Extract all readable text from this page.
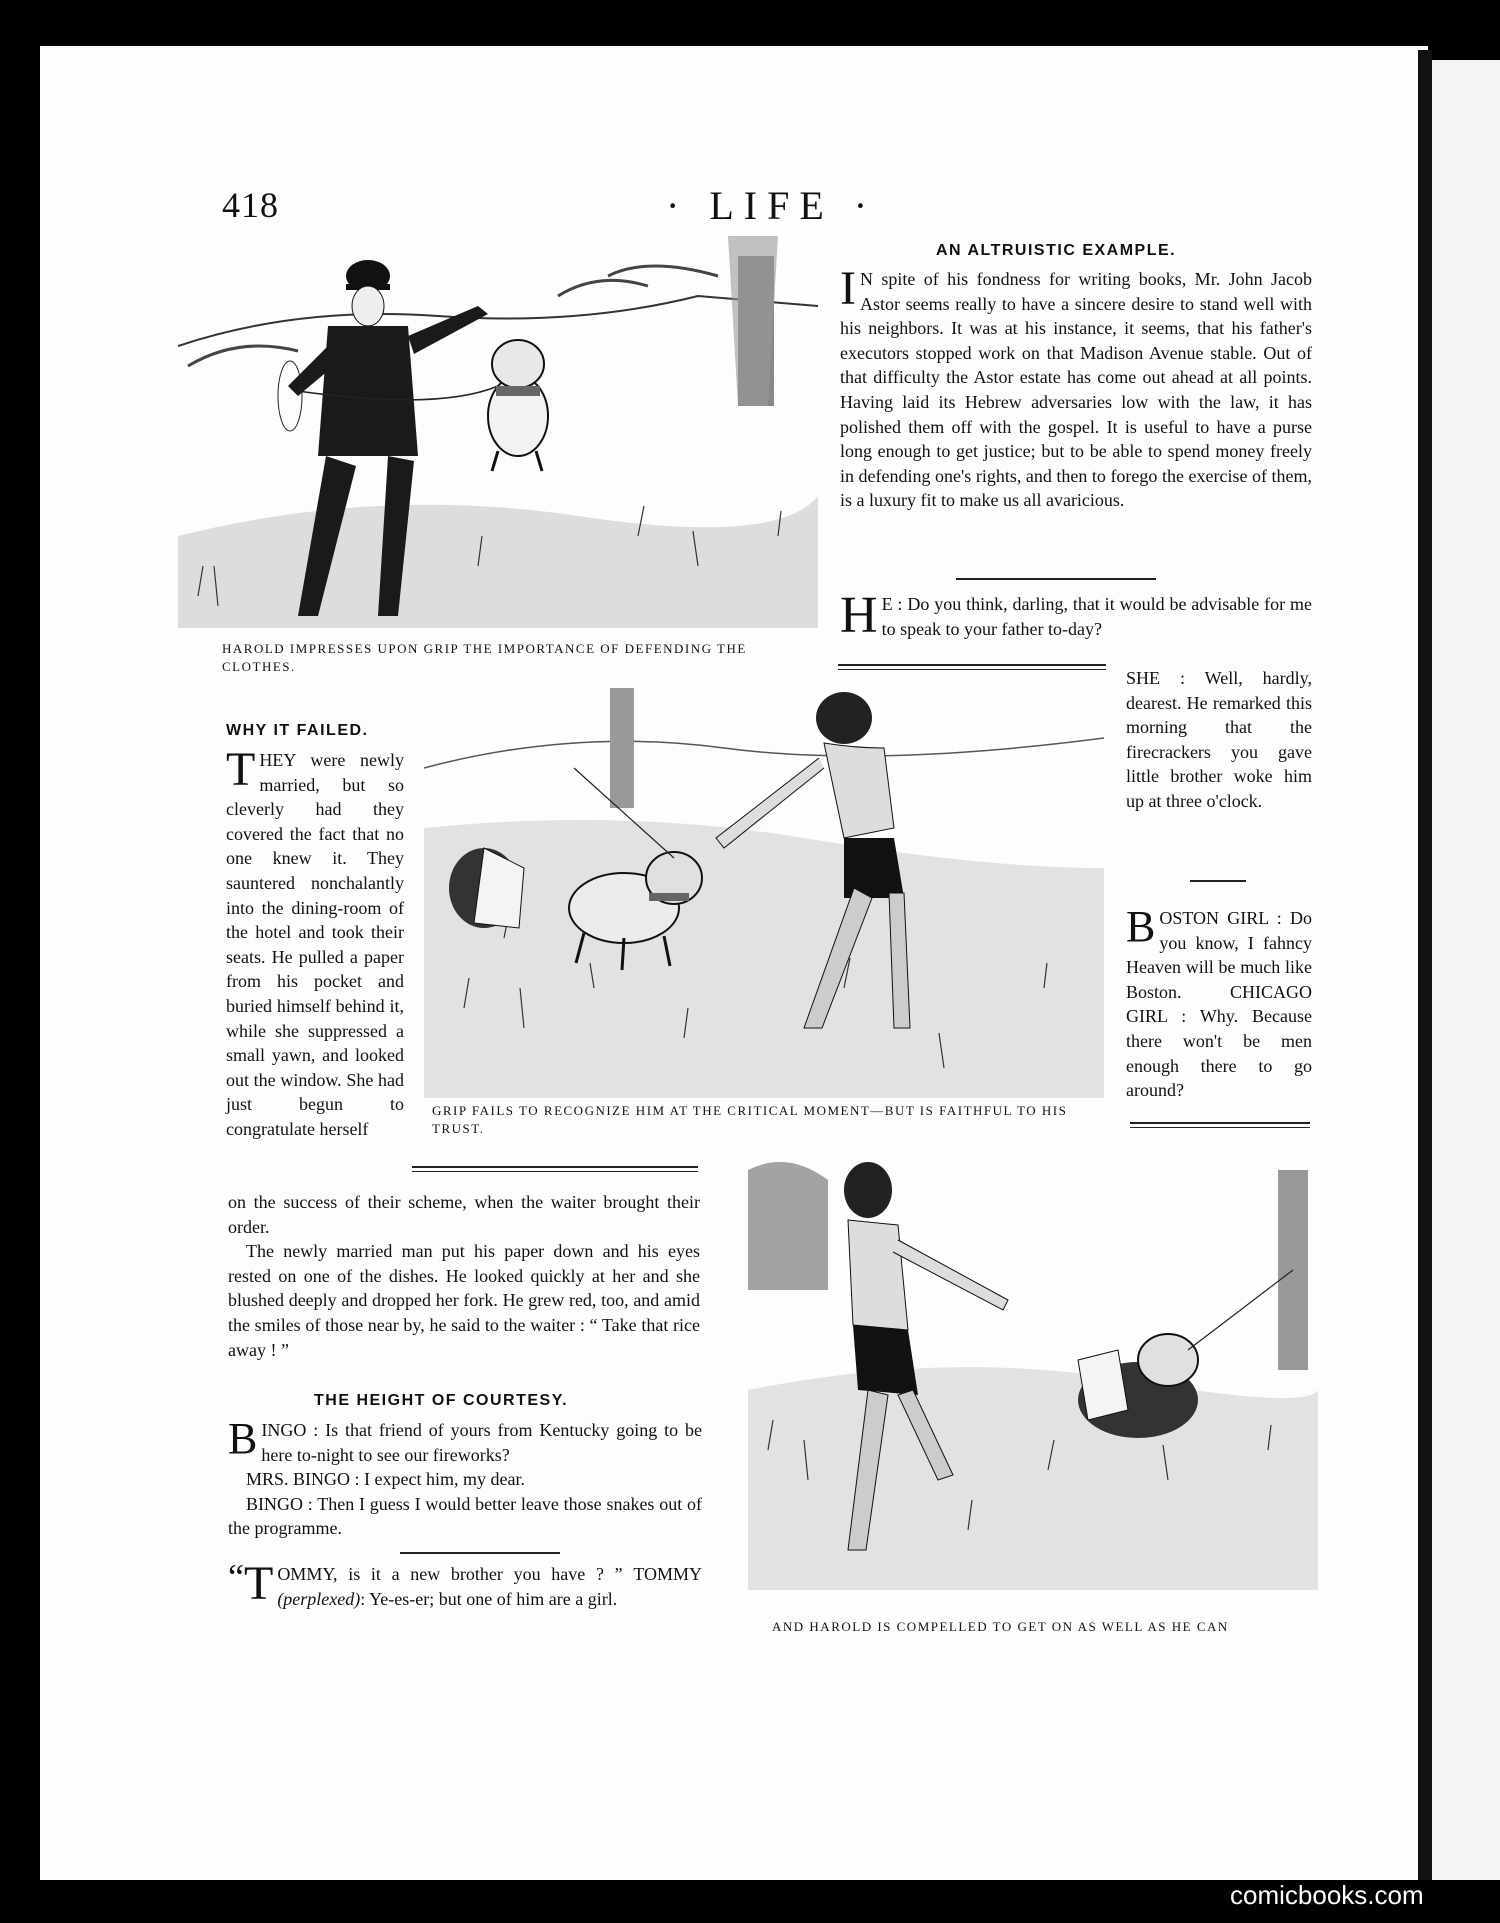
418	· LIFE ·
HAROLD IMPRESSES UPON GRIP THE IMPORTANCE OF DEFENDING THE CLOTHES.
AN ALTRUISTIC EXAMPLE.
I N spite of his fondness for writing books, Mr. John Jacob Astor seems really to have a sincere desire to stand well with his neighbors. It was at his instance, it seems, that his father's executors stopped work on that Madison Avenue stable. Out of that difficulty the Astor estate has come out ahead at all points. Having laid its Hebrew adversaries low with the law, it has polished them off with the gospel. It is useful to have a purse long enough to get justice; but to be able to spend money freely in defending one's rights, and then to forego the exercise of them, is a luxury fit to make us all avaricious.
H E : Do you think, darling, that it would be advisable for me to speak to your father to-day?
SHE : Well, hardly, dearest. He remarked this morning that the firecrackers you gave little brother woke him up at three o'clock.
BOSTON GIRL : Do you know, I fahncy Heaven will be much like Boston.	CHICAGO GIRL : Why. Because there won't be men enough there to go around?
WHY IT FAILED.
THEY were newly married, but so cleverly had they covered the fact that no one knew it. They sauntered nonchalantly into the dining-room of the hotel and took their seats. He pulled a paper from his pocket and buried himself behind it, while she suppressed a small yawn, and looked out the window. She had just begun to congratulate herself

on the success of their scheme, when the waiter brought their order.

The newly married man put his paper down and his eyes rested on one of the dishes. He looked quickly at her and she blushed deeply and dropped her fork. He grew red, too, and amid the smiles of those near by, he said to the waiter : “ Take that rice away ! ”

GRIP FAILS TO RECOGNIZE HIM AT THE CRITICAL MOMENT—BUT IS FAITHFUL TO HIS TRUST.
THE HEIGHT OF COURTESY.
BINGO : Is that friend of yours from Kentucky going to be here to-night to see our fireworks?

MRS. BINGO : I expect him, my dear.

BINGO : Then I guess I would better leave those snakes out of the programme.

“ T OMMY, is it a new brother you have ? ” TOMMY (perplexed): Ye-es-er; but one of him are a girl.
AND HAROLD IS COMPELLED TO GET ON AS WELL AS HE CAN
comicbooks.com
